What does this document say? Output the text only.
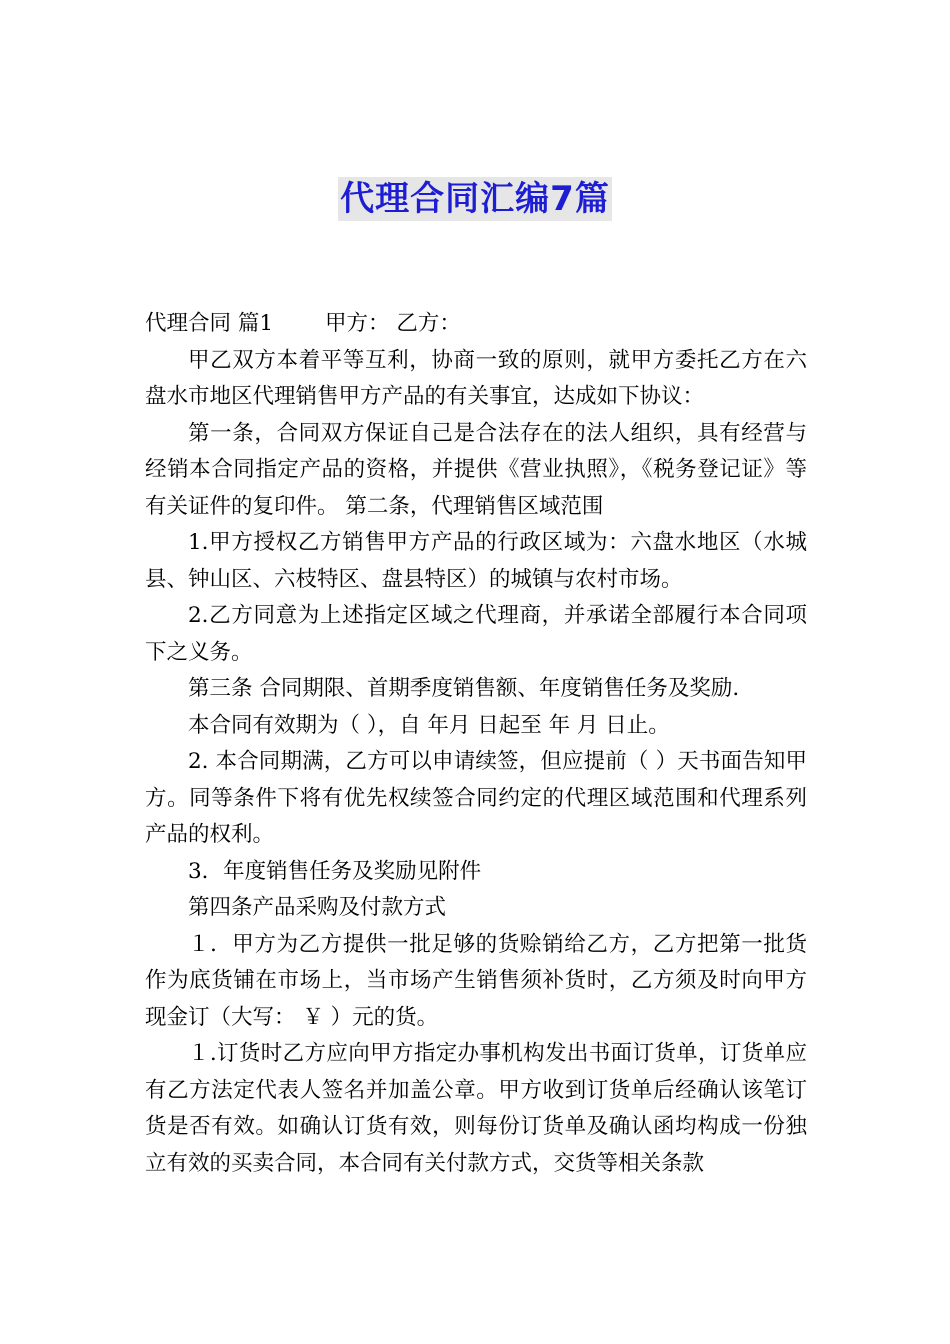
代理合同汇编7篇

代理合同 篇1 甲方： 乙方：

甲乙双方本着平等互利，协商一致的原则，就甲方委托乙方在六盘水市地区代理销售甲方产品的有关事宜，达成如下协议：

第一条，合同双方保证自己是合法存在的法人组织，具有经营与经销本合同指定产品的资格，并提供《营业执照》，《税务登记证》等有关证件的复印件。 第二条，代理销售区域范围

1.甲方授权乙方销售甲方产品的行政区域为：六盘水地区（水城县、钟山区、六枝特区、盘县特区）的城镇与农村市场。

2.乙方同意为上述指定区域之代理商，并承诺全部履行本合同项下之义务。

第三条 合同期限、首期季度销售额、年度销售任务及奖励.

本合同有效期为（ ），自 年月 日起至 年 月 日止。

2. 本合同期满，乙方可以申请续签，但应提前（ ）天书面告知甲方。同等条件下将有优先权续签合同约定的代理区域范围和代理系列产品的权利。

3．年度销售任务及奖励见附件

第四条产品采购及付款方式

１．甲方为乙方提供一批足够的货赊销给乙方，乙方把第一批货作为底货铺在市场上，当市场产生销售须补货时，乙方须及时向甲方现金订（大写： ￥ ）元的货。

１.订货时乙方应向甲方指定办事机构发出书面订货单，订货单应有乙方法定代表人签名并加盖公章。甲方收到订货单后经确认该笔订货是否有效。如确认订货有效，则每份订货单及确认函均构成一份独立有效的买卖合同，本合同有关付款方式，交货等相关条款
